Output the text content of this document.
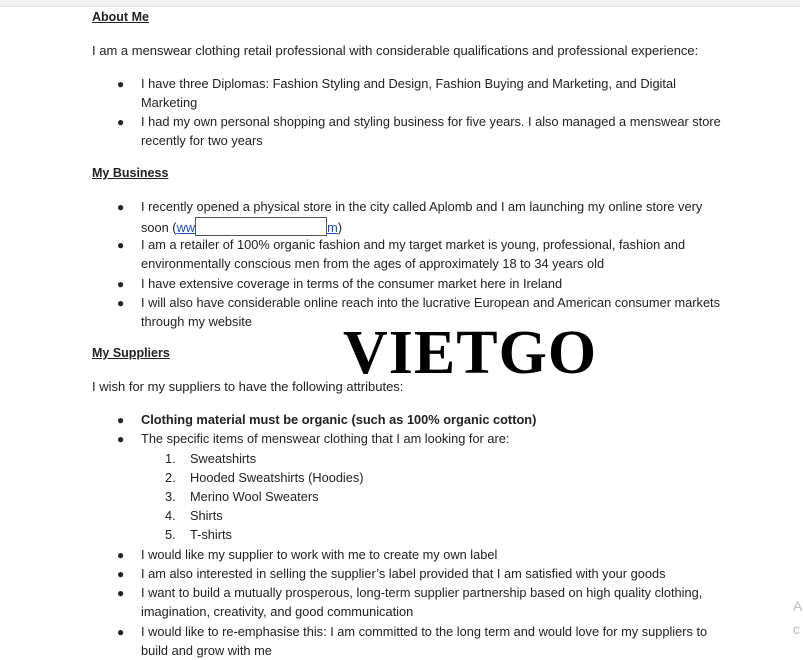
About Me
I am a menswear clothing retail professional with considerable qualifications and professional experience:
● I have three Diplomas: Fashion Styling and Design, Fashion Buying and Marketing, and Digital Marketing
● I had my own personal shopping and styling business for five years. I also managed a menswear store recently for two years
My Business
● I recently opened a physical store in the city called Aplomb and I am launching my online store very soon (ww	m)
● I am a retailer of 100% organic fashion and my target market is young, professional, fashion and environmentally conscious men from the ages of approximately 18 to 34 years old
● I have extensive coverage in terms of the consumer market here in Ireland
● I will also have considerable online reach into the lucrative European and American consumer markets through my website
My Suppliers
I wish for my suppliers to have the following attributes:
● Clothing material must be organic (such as 100% organic cotton)
● The specific items of menswear clothing that I am looking for are:
1. Sweatshirts
2. Hooded Sweatshirts (Hoodies)
3. Merino Wool Sweaters
4. Shirts
5. T-shirts
● I would like my supplier to work with me to create my own label
● I am also interested in selling the supplier’s label provided that I am satisfied with your goods
● I want to build a mutually prosperous, long-term supplier partnership based on high quality clothing, imagination, creativity, and good communication
● I would like to re-emphasise this: I am committed to the long term and would love for my suppliers to build and grow with me
VIETGO
A
c
